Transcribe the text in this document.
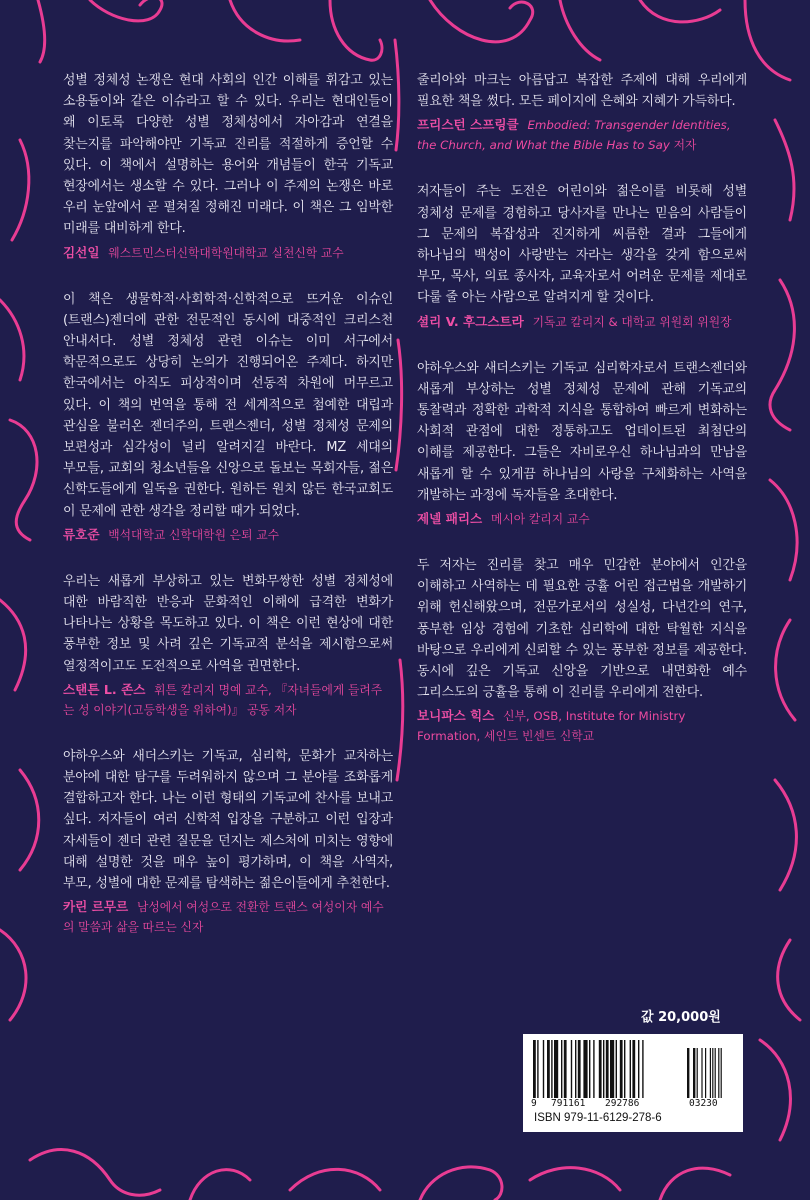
성별 정체성 논쟁은 현대 사회의 인간 이해를 휘감고 있는 소용돌이와 같은 이슈라고 할 수 있다. 우리는 현대인들이 왜 이토록 다양한 성별 정체성에서 자아감과 연결을 찾는지를 파악해야만 기독교 진리를 적절하게 증언할 수 있다. 이 책에서 설명하는 용어와 개념들이 한국 기독교 현장에서는 생소할 수 있다. 그러나 이 주제의 논쟁은 바로 우리 눈앞에서 곧 펼쳐질 정해진 미래다. 이 책은 그 임박한 미래를 대비하게 한다.

김선일 웨스트민스터신학대학원대학교 실천신학 교수

이 책은 생물학적·사회학적·신학적으로 뜨거운 이슈인 (트랜스)젠더에 관한 전문적인 동시에 대중적인 크리스천 안내서다. 성별 정체성 관련 이슈는 이미 서구에서 학문적으로도 상당히 논의가 진행되어온 주제다. 하지만 한국에서는 아직도 피상적이며 선동적 차원에 머무르고 있다. 이 책의 번역을 통해 전 세계적으로 첨예한 대립과 관심을 불러온 젠더주의, 트랜스젠더, 성별 정체성 문제의 보편성과 심각성이 널리 알려지길 바란다. MZ 세대의 부모들, 교회의 청소년들을 신앙으로 돌보는 목회자들, 젊은 신학도들에게 일독을 권한다. 원하든 원치 않든 한국교회도 이 문제에 관한 생각을 정리할 때가 되었다.

류호준 백석대학교 신학대학원 은퇴 교수

우리는 새롭게 부상하고 있는 변화무쌍한 성별 정체성에 대한 바람직한 반응과 문화적인 이해에 급격한 변화가 나타나는 상황을 목도하고 있다. 이 책은 이런 현상에 대한 풍부한 정보 및 사려 깊은 기독교적 분석을 제시함으로써 열정적이고도 도전적으로 사역을 권면한다.

스탠튼 L. 존스 휘튼 칼리지 명예 교수, 『자녀들에게 들려주는 성 이야기(고등학생을 위하여)』 공동 저자

야하우스와 새더스키는 기독교, 심리학, 문화가 교차하는 분야에 대한 탐구를 두려워하지 않으며 그 분야를 조화롭게 결합하고자 한다. 나는 이런 형태의 기독교에 찬사를 보내고 싶다. 저자들이 여러 신학적 입장을 구분하고 이런 입장과 자세들이 젠더 관련 질문을 던지는 제스처에 미치는 영향에 대해 설명한 것을 매우 높이 평가하며, 이 책을 사역자, 부모, 성별에 대한 문제를 탐색하는 젊은이들에게 추천한다.

카린 르무르 남성에서 여성으로 전환한 트랜스 여성이자 예수의 말씀과 삶을 따르는 신자

줄리아와 마크는 아름답고 복잡한 주제에 대해 우리에게 필요한 책을 썼다. 모든 페이지에 은혜와 지혜가 가득하다.

프리스턴 스프링클 Embodied: Transgender Identities, the Church, and What the Bible Has to Say 저자

저자들이 주는 도전은 어린이와 젊은이를 비롯해 성별 정체성 문제를 경험하고 당사자를 만나는 믿음의 사람들이 그 문제의 복잡성과 진지하게 씨름한 결과 그들에게 하나님의 백성이 사랑받는 자라는 생각을 갖게 함으로써 부모, 목사, 의료 종사자, 교육자로서 어려운 문제를 제대로 다룰 줄 아는 사람으로 알려지게 할 것이다.

셜리 V. 후그스트라 기독교 칼리지 & 대학교 위원회 위원장

야하우스와 새더스키는 기독교 심리학자로서 트랜스젠더와 새롭게 부상하는 성별 정체성 문제에 관해 기독교의 통찰력과 정확한 과학적 지식을 통합하여 빠르게 변화하는 사회적 관점에 대한 정통하고도 업데이트된 최첨단의 이해를 제공한다. 그들은 자비로우신 하나님과의 만남을 새롭게 할 수 있게끔 하나님의 사랑을 구체화하는 사역을 개발하는 과정에 독자들을 초대한다.

제넬 패리스 메시아 칼리지 교수

두 저자는 진리를 찾고 매우 민감한 분야에서 인간을 이해하고 사역하는 데 필요한 긍휼 어린 접근법을 개발하기 위해 헌신해왔으며, 전문가로서의 성실성, 다년간의 연구, 풍부한 임상 경험에 기초한 심리학에 대한 탁월한 지식을 바탕으로 우리에게 신뢰할 수 있는 풍부한 정보를 제공한다. 동시에 깊은 기독교 신앙을 기반으로 내면화한 예수 그리스도의 긍휼을 통해 이 진리를 우리에게 전한다.

보니파스 힉스 신부, OSB, Institute for Ministry Formation, 세인트 빈센트 신학교
값 20,000원
9 791161 292786	03230
ISBN 979-11-6129-278-6
